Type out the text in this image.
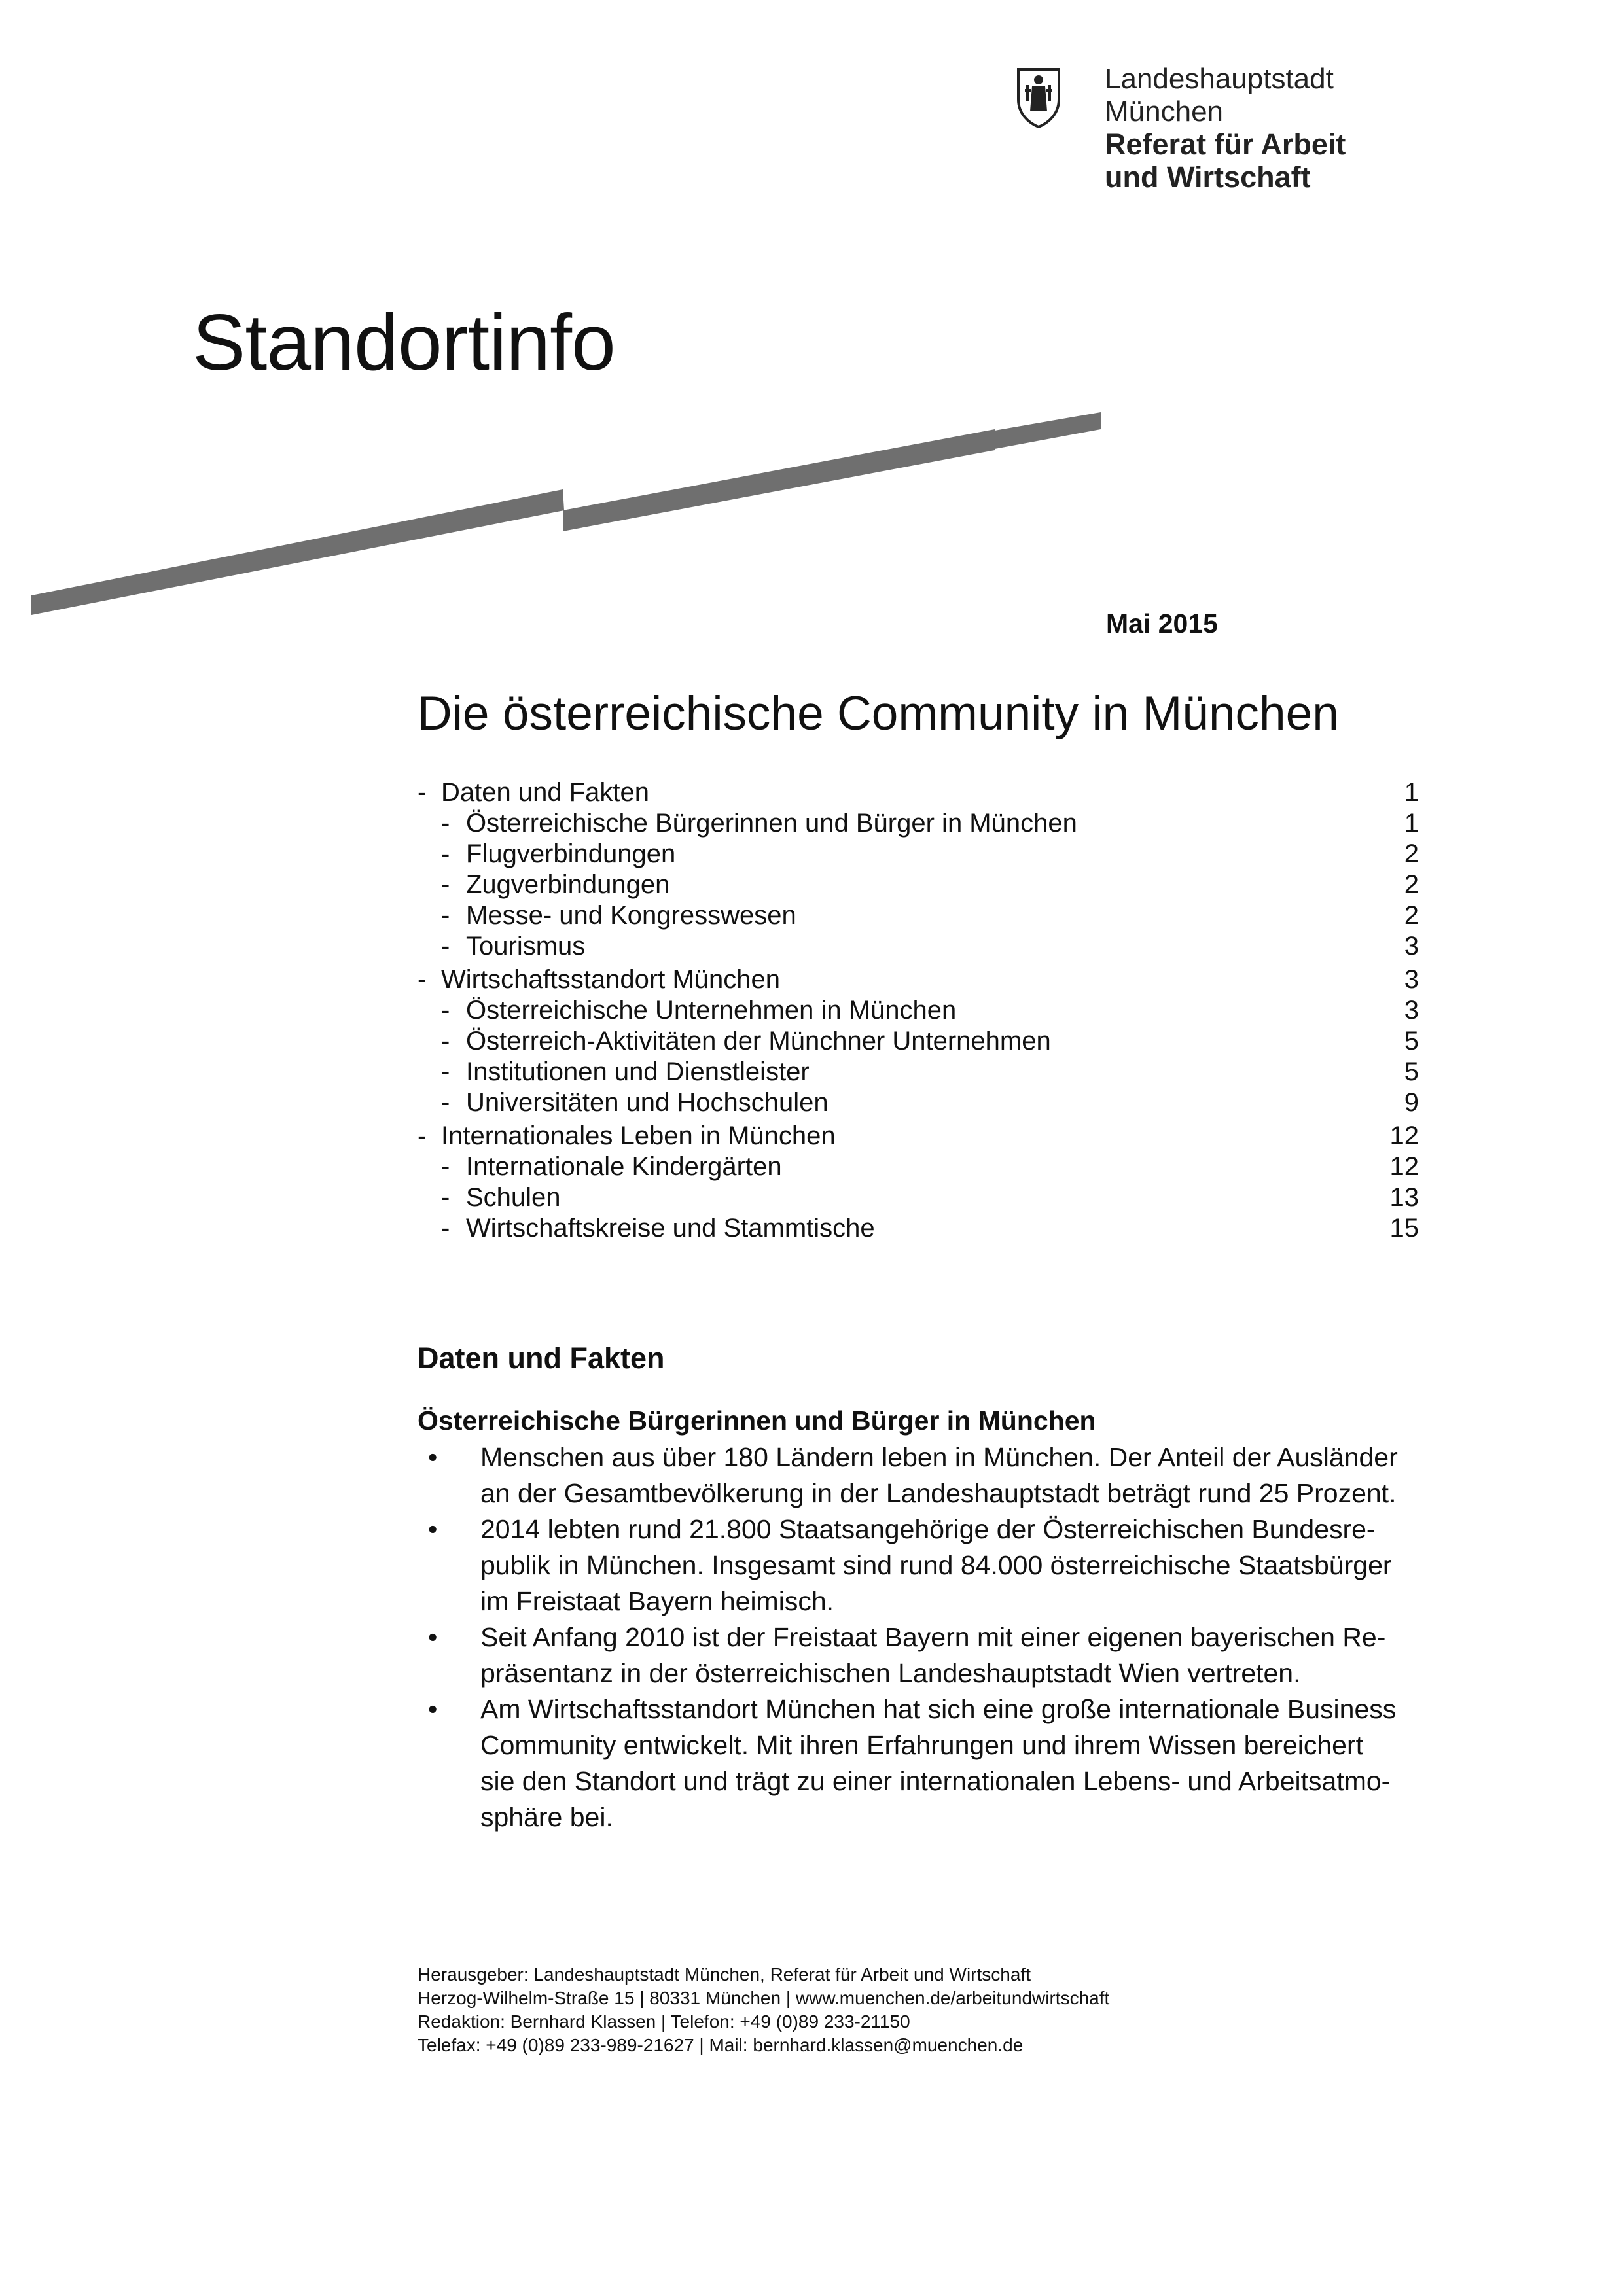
Landeshauptstadt
München
Referat für Arbeit
und Wirtschaft
Standortinfo
Mai 2015
Die österreichische Community in München
- Daten und Fakten	1
- Österreichische Bürgerinnen und Bürger in München	1
- Flugverbindungen	2
- Zugverbindungen	2
- Messe- und Kongresswesen	2
- Tourismus	3
- Wirtschaftsstandort München	3
- Österreichische Unternehmen in München	3
- Österreich-Aktivitäten der Münchner Unternehmen	5
- Institutionen und Dienstleister	5
- Universitäten und Hochschulen	9
- Internationales Leben in München	12
- Internationale Kindergärten	12
- Schulen	13
- Wirtschaftskreise und Stammtische	15
Daten und Fakten
Österreichische Bürgerinnen und Bürger in München
• Menschen aus über 180 Ländern leben in München. Der Anteil der Ausländer
an der Gesamtbevölkerung in der Landeshauptstadt beträgt rund 25 Prozent.
• 2014 lebten rund 21.800 Staatsangehörige der Österreichischen Bundesre-
publik in München. Insgesamt sind rund 84.000 österreichische Staatsbürger
im Freistaat Bayern heimisch.
• Seit Anfang 2010 ist der Freistaat Bayern mit einer eigenen bayerischen Re-
präsentanz in der österreichischen Landeshauptstadt Wien vertreten.
• Am Wirtschaftsstandort München hat sich eine große internationale Business
Community entwickelt. Mit ihren Erfahrungen und ihrem Wissen bereichert
sie den Standort und trägt zu einer internationalen Lebens- und Arbeitsatmo-
sphäre bei.
Herausgeber: Landeshauptstadt München, Referat für Arbeit und Wirtschaft
Herzog-Wilhelm-Straße 15 | 80331 München | www.muenchen.de/arbeitundwirtschaft
Redaktion: Bernhard Klassen | Telefon: +49 (0)89 233-21150
Telefax: +49 (0)89 233-989-21627 | Mail: bernhard.klassen@muenchen.de
